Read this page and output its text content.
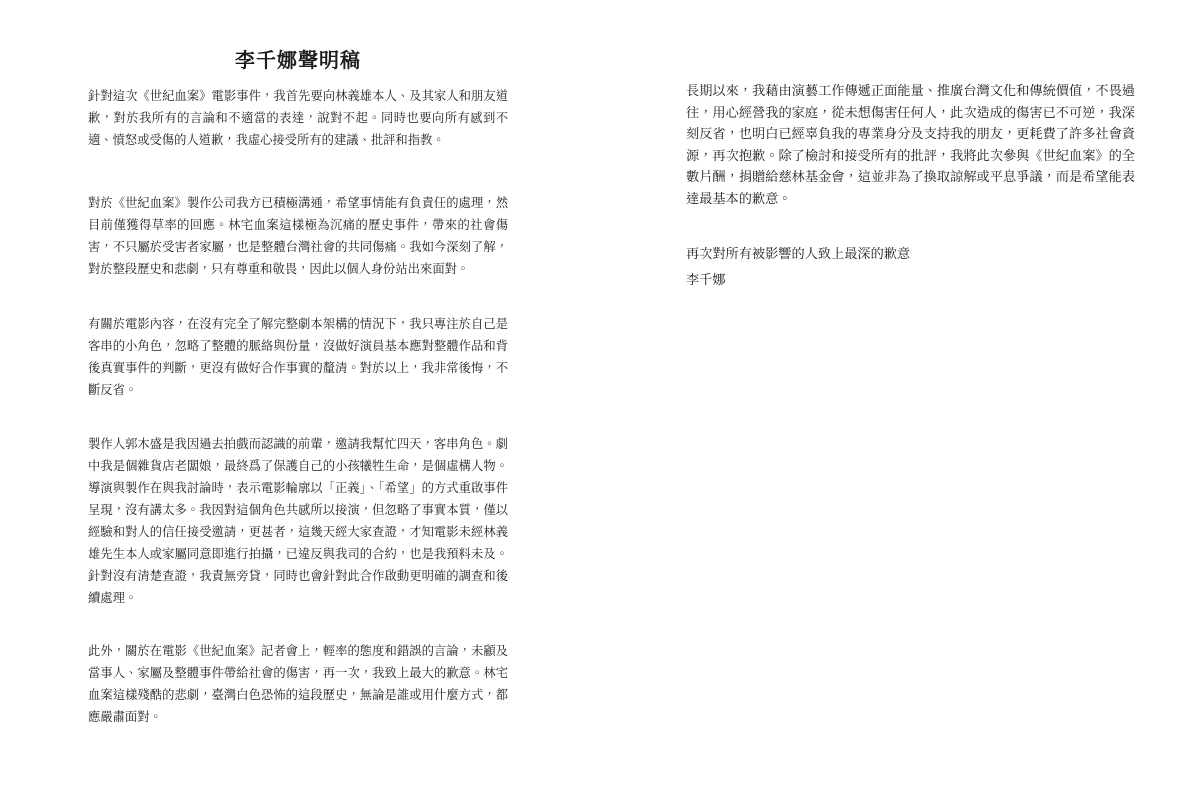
李千娜聲明稿

針對這次《世紀血案》電影事件，我首先要向林義雄本人、及其家人和朋友道歉，對於我所有的言論和不適當的表達，說對不起。同時也要向所有感到不適、憤怒或受傷的人道歉，我虛心接受所有的建議、批評和指教。

對於《世紀血案》製作公司我方已積極溝通，希望事情能有負責任的處理，然目前僅獲得草率的回應。林宅血案這樣極為沉痛的歷史事件，帶來的社會傷害，不只屬於受害者家屬，也是整體台灣社會的共同傷痛。我如今深刻了解，對於整段歷史和悲劇，只有尊重和敬畏，因此以個人身份站出來面對。

有關於電影內容，在沒有完全了解完整劇本架構的情況下，我只專注於自己是客串的小角色，忽略了整體的脈絡與份量，沒做好演員基本應對整體作品和背後真實事件的判斷，更沒有做好合作事實的釐清。對於以上，我非常後悔，不斷反省。

製作人郭木盛是我因過去拍戲而認識的前輩，邀請我幫忙四天，客串角色。劇中我是個雜貨店老闆娘，最終爲了保護自己的小孩犧牲生命，是個虛構人物。導演與製作在與我討論時，表示電影輪廓以「正義」、「希望」的方式重啟事件呈現，沒有講太多。我因對這個角色共感所以接演，但忽略了事實本質，僅以經驗和對人的信任接受邀請，更甚者，這幾天經大家查證，才知電影未經林義雄先生本人或家屬同意即進行拍攝，已違反與我司的合約，也是我預料未及。針對沒有清楚查證，我責無旁貸，同時也會針對此合作啟動更明確的調查和後續處理。

此外，關於在電影《世紀血案》記者會上，輕率的態度和錯誤的言論，未顧及當事人、家屬及整體事件帶給社會的傷害，再一次，我致上最大的歉意。林宅血案這樣殘酷的悲劇，臺灣白色恐怖的這段歷史，無論是誰或用什麼方式，都應嚴肅面對。

長期以來，我藉由演藝工作傳遞正面能量、推廣台灣文化和傳統價值，不畏過往，用心經營我的家庭，從未想傷害任何人，此次造成的傷害已不可逆，我深刻反省，也明白已經辜負我的專業身分及支持我的朋友，更耗費了許多社會資源，再次抱歉。除了檢討和接受所有的批評，我將此次參與《世紀血案》的全數片酬，捐贈給慈林基金會，這並非為了換取諒解或平息爭議，而是希望能表達最基本的歉意。

再次對所有被影響的人致上最深的歉意

李千娜
